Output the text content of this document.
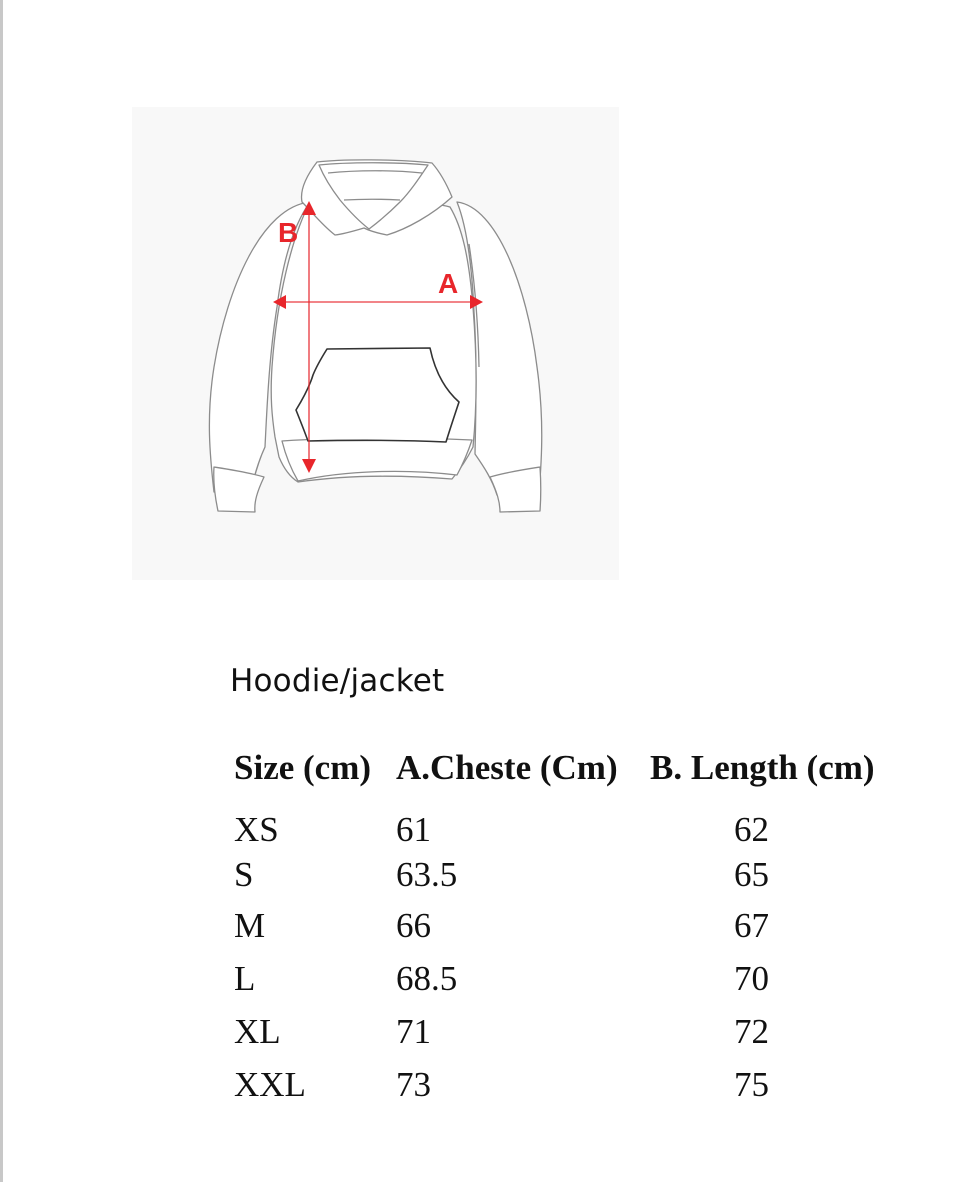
B
A
Hoodie/jacket
Size (cm) A.Cheste (Cm) B. Length (cm)
XS	61	62
S	63.5	65
M	66	67
L	68.5	70
XL	71	72
XXL	73	75
